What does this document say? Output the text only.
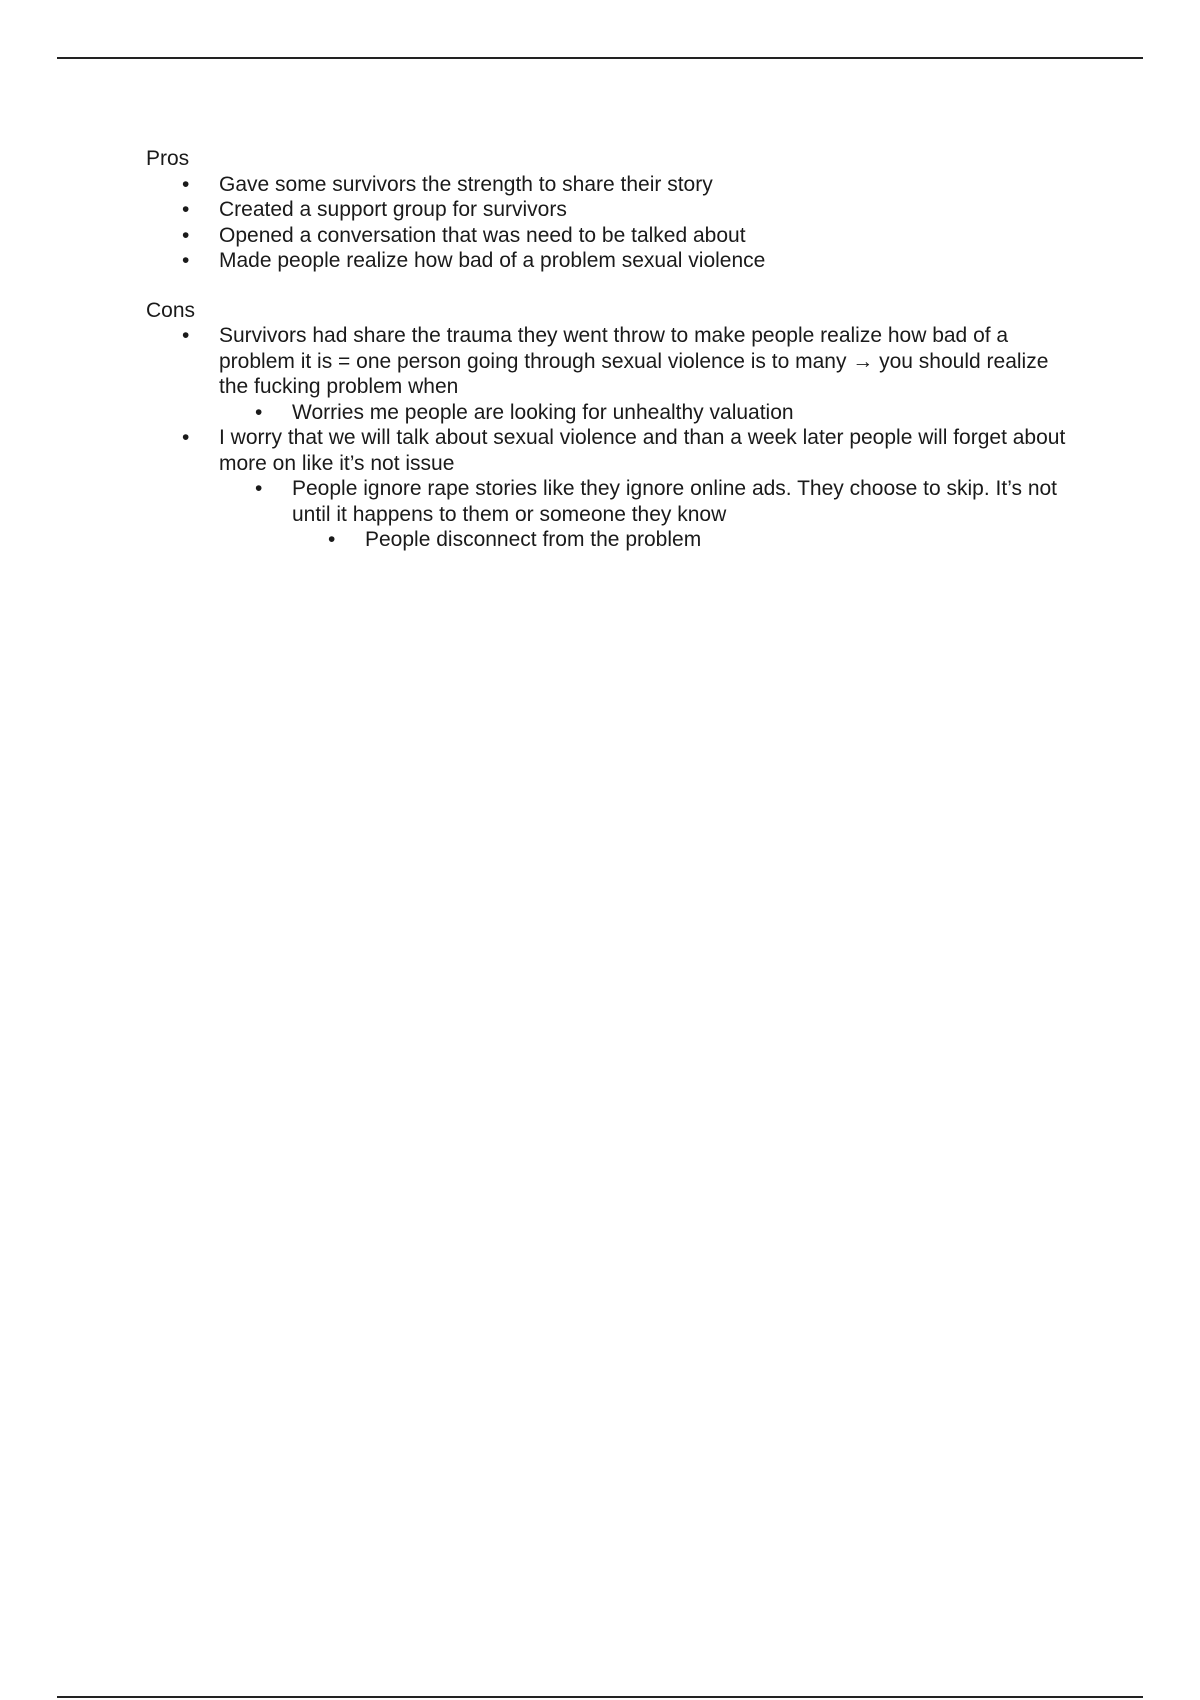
Pros

• Gave some survivors the strength to share their story
• Created a support group for survivors
• Opened a conversation that was need to be talked about
• Made people realize how bad of a problem sexual violence

Cons

• Survivors had share the trauma they went throw to make people realize how bad of a problem it is = one person going through sexual violence is to many → you should realize the fucking problem when
• Worries me people are looking for unhealthy valuation
• I worry that we will talk about sexual violence and than a week later people will forget about more on like it’s not issue
• People ignore rape stories like they ignore online ads. They choose to skip. It’s not until it happens to them or someone they know
• People disconnect from the problem
